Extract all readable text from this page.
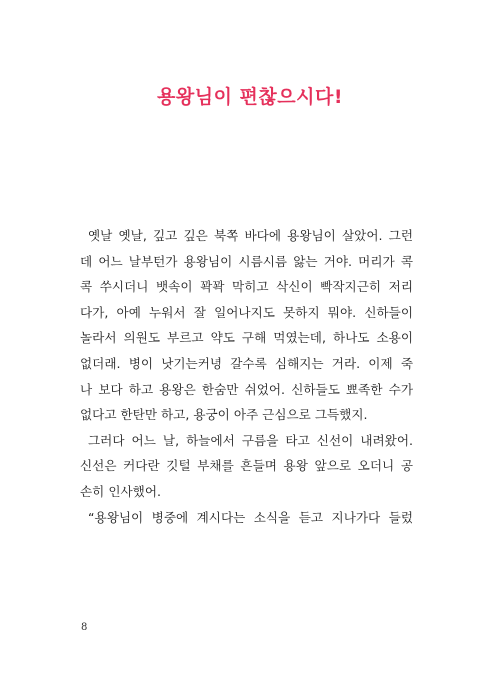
용왕님이 편찮으시다!
옛날 옛날, 깊고 깊은 북쪽 바다에 용왕님이 살았어. 그런
데 어느 날부턴가 용왕님이 시름시름 앓는 거야. 머리가 콕
콕 쑤시더니 뱃속이 꽉꽉 막히고 삭신이 빡작지근히 저리
다가, 아예 누워서 잘 일어나지도 못하지 뭐야. 신하들이
놀라서 의원도 부르고 약도 구해 먹였는데, 하나도 소용이
없더래. 병이 낫기는커녕 갈수록 심해지는 거라. 이제 죽
나 보다 하고 용왕은 한숨만 쉬었어. 신하들도 뾰족한 수가
없다고 한탄만 하고, 용궁이 아주 근심으로 그득했지.
그러다 어느 날, 하늘에서 구름을 타고 신선이 내려왔어.
신선은 커다란 깃털 부채를 흔들며 용왕 앞으로 오더니 공
손히 인사했어.
“용왕님이 병중에 계시다는 소식을 듣고 지나가다 들렀
8
